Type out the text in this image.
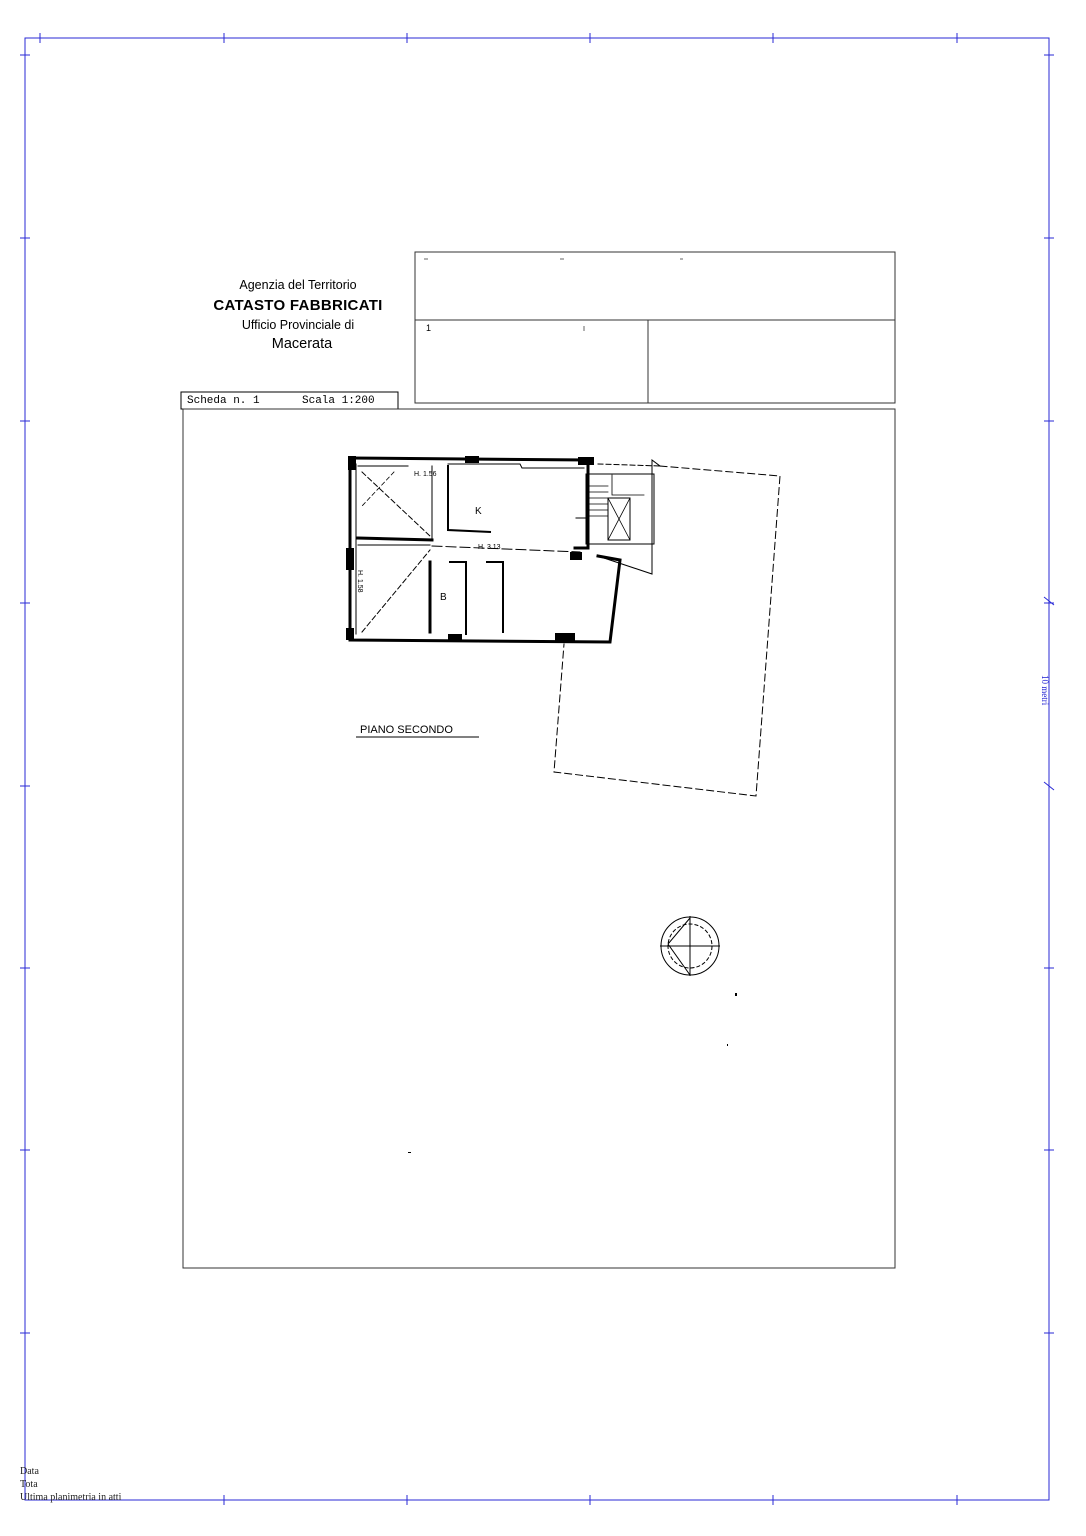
K
B
H. 1.56
H. 3.13
H. 1.58
PIANO SECONDO
Agenzia del Territorio
CATASTO FABBRICATI
Ufficio Provinciale di
Macerata
Scheda n. 1	Scala 1:200
1
10 metri
Data
Tota
Ultima planimetria in atti
